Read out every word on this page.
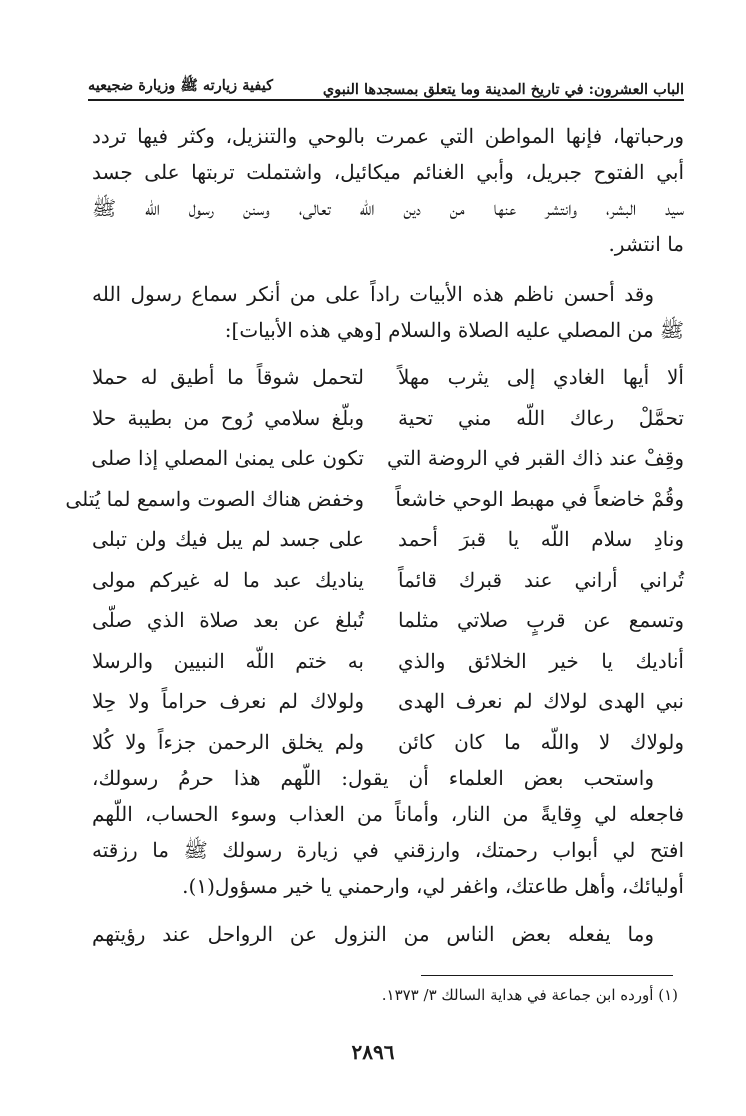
الباب العشرون: في تاريخ المدينة وما يتعلق بمسجدها النبوي
كيفية زيارته ﷺ وزيارة ضجيعيه

ورحباتها، فإنها المواطن التي عمرت بالوحي والتنزيل، وكثر فيها تردد
أبي الفتوح جبريل، وأبي الغنائم ميكائيل، واشتملت تربتها على جسد
سيد البشر، وانتشر عنها من دين الله تعالى، وسنن رسول الله ﷺ
ما انتشر.

وقد أحسن ناظم هذه الأبيات راداً على من أنكر سماع رسول الله
ﷺ من المصلي عليه الصلاة والسلام [وهي هذه الأبيات]:

ألا أيها الغادي إلى يثرب مهلاً
لتحمل شوقاً ما أطيق له حملا
تحمَّلْ رعاك اللّه مني تحية
وبلّغ سلامي رُوح من بطيبة حلا
وقِفْ عند ذاك القبر في الروضة التي
تكون على يمنىٰ المصلي إذا صلى
وقُمْ خاضعاً في مهبط الوحي خاشعاً
وخفض هناك الصوت واسمع لما يُتلى
ونادِ سلام اللّه يا قبرَ أحمد
على جسد لم يبل فيك ولن تبلى
تُراني أراني عند قبرك قائماً
يناديك عبد ما له غيركم مولى
وتسمع عن قربٍ صلاتي مثلما
تُبلغ عن بعد صلاة الذي صلّى
أناديك يا خير الخلائق والذي
به ختم اللّه النبيين والرسلا
نبي الهدى لولاك لم نعرف الهدى
ولولاك لم نعرف حراماً ولا حِلا
ولولاك لا واللّه ما كان كائن
ولم يخلق الرحمن جزءاً ولا كُلا

واستحب بعض العلماء أن يقول: اللّهم هذا حرمُ رسولك،
فاجعله لي وِقايةً من النار، وأماناً من العذاب وسوء الحساب، اللّهم
افتح لي أبواب رحمتك، وارزقني في زيارة رسولك ﷺ ما رزقته
أوليائك، وأهل طاعتك، واغفر لي، وارحمني يا خير مسؤول(١).

وما يفعله بعض الناس من النزول عن الرواحل عند رؤيتهم

(١) أورده ابن جماعة في هداية السالك ٣/ ١٣٧٣.
٢٨٩٦
